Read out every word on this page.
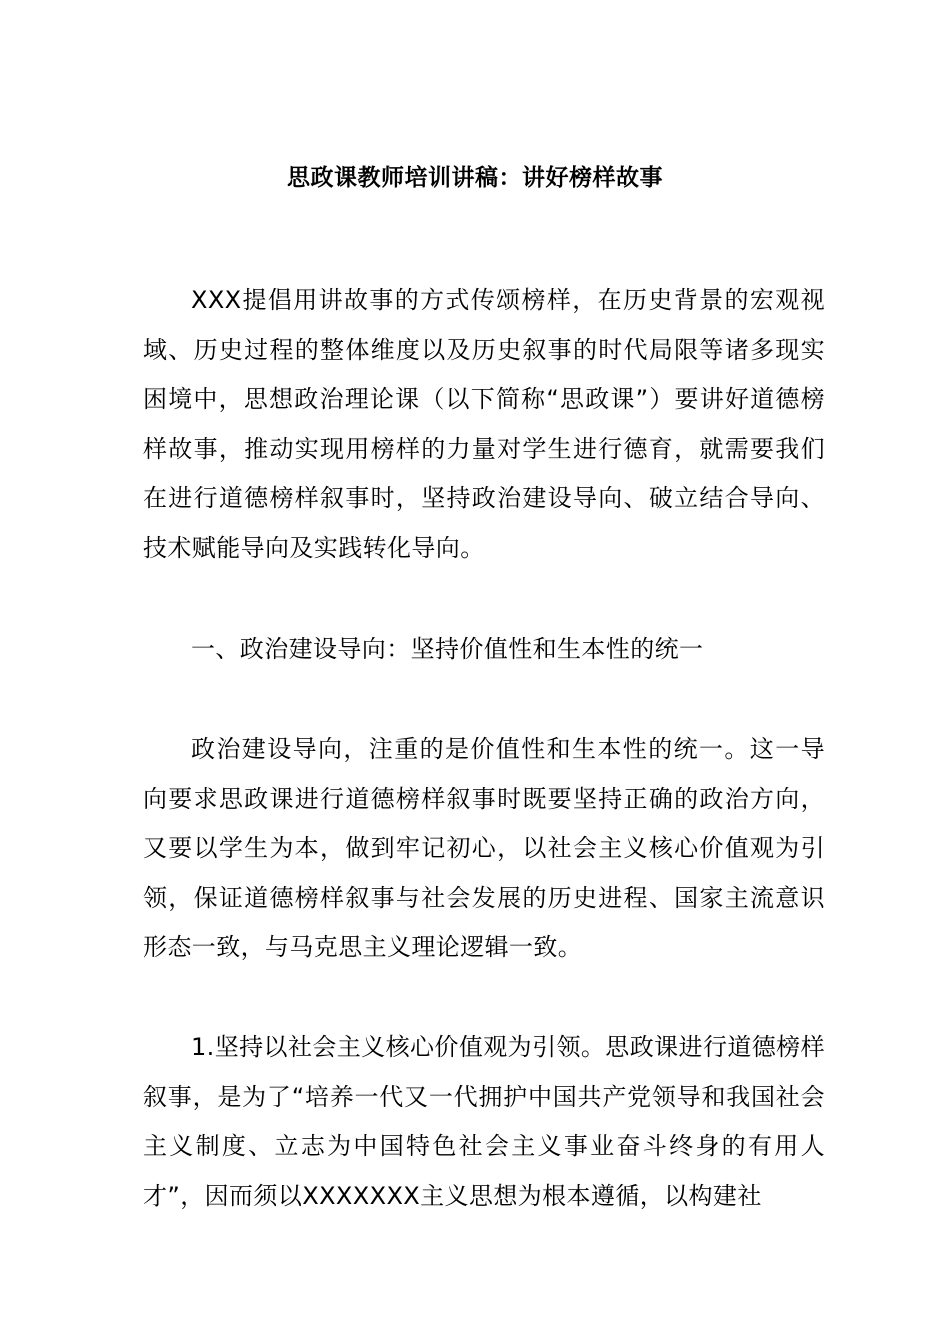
思政课教师培训讲稿：讲好榜样故事

XXX提倡用讲故事的方式传颂榜样，在历史背景的宏观视域、历史过程的整体维度以及历史叙事的时代局限等诸多现实困境中，思想政治理论课（以下简称“思政课”）要讲好道德榜样故事，推动实现用榜样的力量对学生进行德育，就需要我们在进行道德榜样叙事时，坚持政治建设导向、破立结合导向、技术赋能导向及实践转化导向。

一、政治建设导向：坚持价值性和生本性的统一

政治建设导向，注重的是价值性和生本性的统一。这一导向要求思政课进行道德榜样叙事时既要坚持正确的政治方向，又要以学生为本，做到牢记初心，以社会主义核心价值观为引领，保证道德榜样叙事与社会发展的历史进程、国家主流意识形态一致，与马克思主义理论逻辑一致。

1.坚持以社会主义核心价值观为引领。思政课进行道德榜样叙事，是为了“培养一代又一代拥护中国共产党领导和我国社会主义制度、立志为中国特色社会主义事业奋斗终身的有用人才”，因而须以XXXXXXX主义思想为根本遵循，以构建社
